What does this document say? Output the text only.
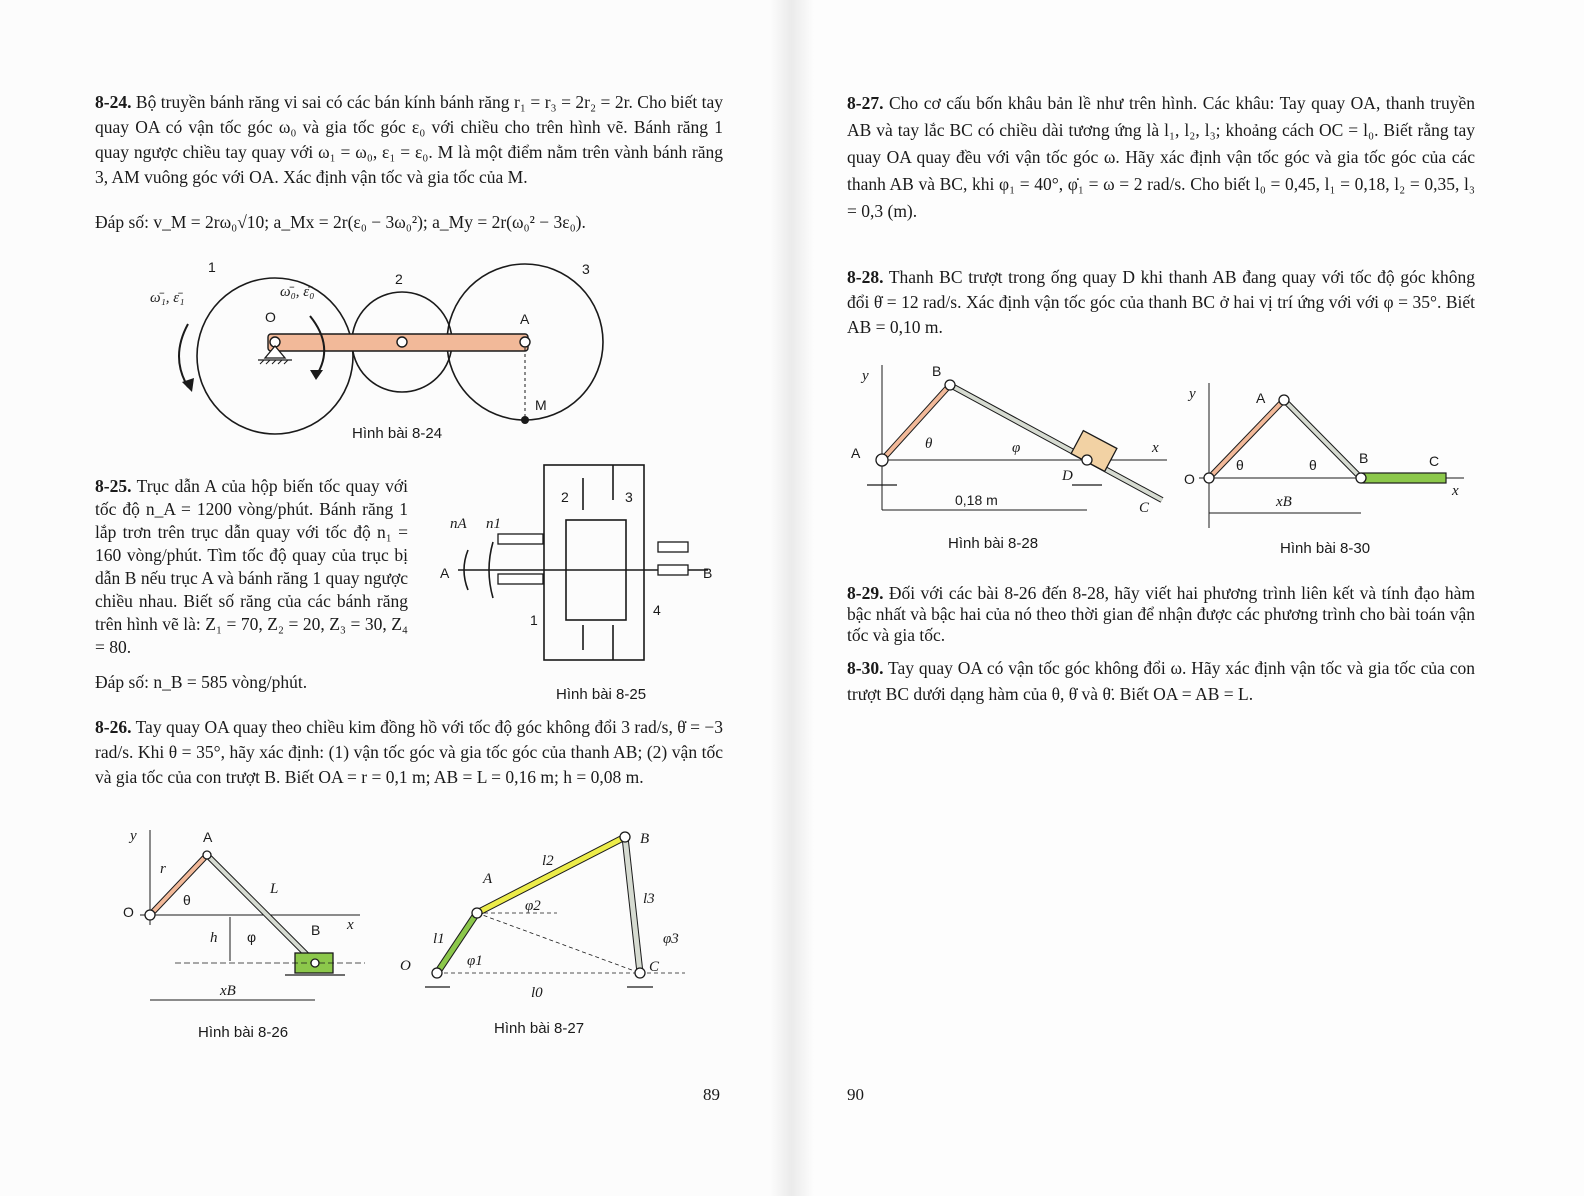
8-24. Bộ truyền bánh răng vi sai có các bán kính bánh răng r₁ = r₃ = 2r₂ = 2r. Cho biết tay quay OA có vận tốc góc ω₀ và gia tốc góc ε₀ với chiều cho trên hình vẽ. Bánh răng 1 quay ngược chiều tay quay với ω₁ = ω₀, ε₁ = ε₀. M là một điểm nằm trên vành bánh răng 3, AM vuông góc với OA. Xác định vận tốc và gia tốc của M.

Đáp số: v_M = 2rω₀√10; a_Mx = 2r(ε₀ − 3ω₀²); a_My = 2r(ω₀² − 3ε₀).

1
2
3
O	A
M
ω̄₁, ε̄₁	ω̄₀, ε̄₀
Hình bài 8-24

8-25. Trục dẫn A của hộp biến tốc quay với tốc độ n_A = 1200 vòng/phút. Bánh răng 1 lắp trơn trên trục dẫn quay với tốc độ n₁ = 160 vòng/phút. Tìm tốc độ quay của trục bị dẫn B nếu trục A và bánh răng 1 quay ngược chiều nhau. Biết số răng của các bánh răng trên hình vẽ là: Z₁ = 70, Z₂ = 20, Z₃ = 30, Z₄ = 80.

Đáp số: n_B = 585 vòng/phút.

nA n1
A	B
1
2	3
4
Hình bài 8-25

8-26. Tay quay OA quay theo chiều kim đồng hồ với tốc độ góc không đổi 3 rad/s, θ̇ = −3 rad/s. Khi θ = 35°, hãy xác định: (1) vận tốc góc và gia tốc góc của thanh AB; (2) vận tốc và gia tốc của con trượt B. Biết OA = r = 0,1 m; AB = L = 0,16 m; h = 0,08 m.

y
x
O
A
B
r
L
θ
h φ
xB
Hình bài 8-26
O
A
B
C
l0
l1
l2
l3
φ1
φ2
φ3
Hình bài 8-27
89

8-27. Cho cơ cấu bốn khâu bản lề như trên hình. Các khâu: Tay quay OA, thanh truyền AB và tay lắc BC có chiều dài tương ứng là l₁, l₂, l₃; khoảng cách OC = l₀. Biết rằng tay quay OA quay đều với vận tốc góc ω. Hãy xác định vận tốc góc và gia tốc góc của các thanh AB và BC, khi φ₁ = 40°, φ̇₁ = ω = 2 rad/s. Cho biết l₀ = 0,45, l₁ = 0,18, l₂ = 0,35, l₃ = 0,3 (m).

8-28. Thanh BC trượt trong ống quay D khi thanh AB đang quay với tốc độ góc không đổi θ̇ = 12 rad/s. Xác định vận tốc góc của thanh BC ở hai vị trí ứng với với φ = 35°. Biết AB = 0,10 m.

y
x
A
B
C
D
θ	φ
0,18 m
Hình bài 8-28
y
x
O
A
B	C
θ	θ
xB
Hình bài 8-30

8-29. Đối với các bài 8-26 đến 8-28, hãy viết hai phương trình liên kết và tính đạo hàm bậc nhất và bậc hai của nó theo thời gian để nhận được các phương trình cho bài toán vận tốc và gia tốc.

8-30. Tay quay OA có vận tốc góc không đổi ω. Hãy xác định vận tốc và gia tốc của con trượt BC dưới dạng hàm của θ, θ̇ và θ̈. Biết OA = AB = L.

90
